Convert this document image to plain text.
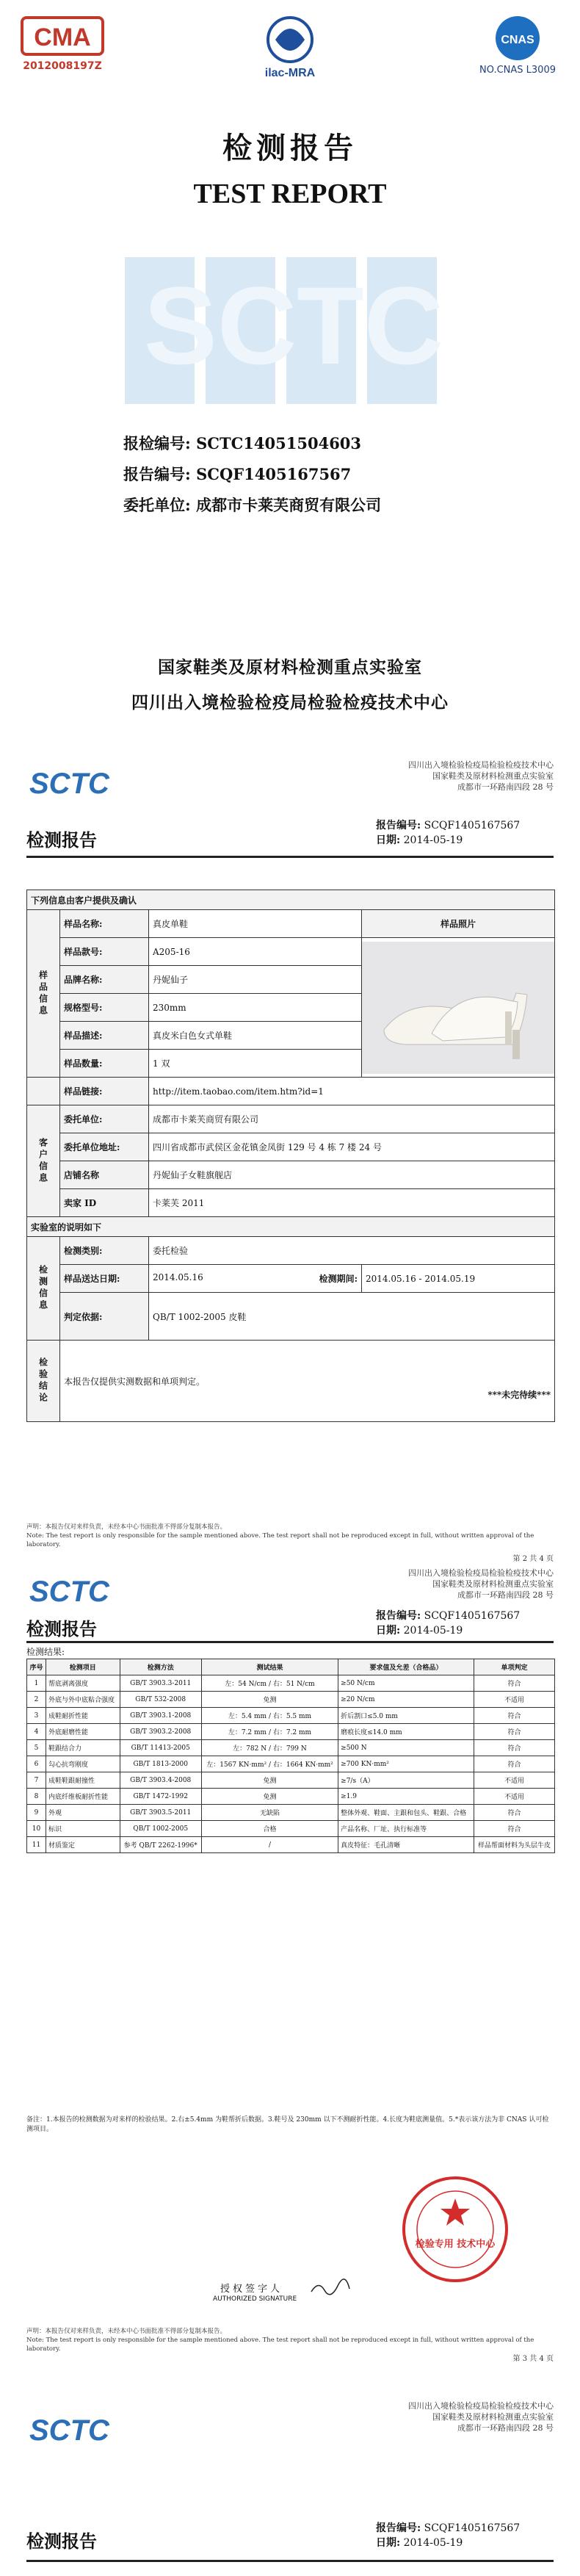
CMA
2012008197Z
ilac-MRA
CNAS
NO.CNAS L3009
检测报告
TEST REPORT
SCTC
报检编号: SCTC14051504603
报告编号: SCQF1405167567
委托单位: 成都市卡莱芙商贸有限公司
国家鞋类及原材料检测重点实验室
四川出入境检验检疫局检验检疫技术中心
SCTC
四川出入境检验检疫局检验检疫技术中心
国家鞋类及原材料检测重点实验室
成都市一环路南四段 28 号
检测报告
报告编号: SCQF1405167567
日期: 2014-05-19
下列信息由客户提供及确认			
样品信息	样品名称:	真皮单鞋	样品照片
	样品款号:	A205-16	

	品牌名称:	丹妮仙子	
	规格型号:	230mm	
	样品描述:	真皮米白色女式单鞋	
	样品数量:	1 双	
	样品链接:	http://item.taobao.com/item.htm?id=1	
客户信息	委托单位:	成都市卡莱芙商贸有限公司	
	委托单位地址:	四川省成都市武侯区金花镇金凤街 129 号 4 栋 7 楼 24 号	
	店铺名称	丹妮仙子女鞋旗舰店	
	卖家 ID	卡莱芙 2011	
实验室的说明如下			
检测信息	检测类别:	委托检验	
	样品送达日期:	2014.05.16 检测期间:	2014.05.16 - 2014.05.19
	判定依据:	QB/T 1002-2005 皮鞋	
检验结论	本报告仅提供实测数据和单项判定。		
***未完待续***
声明：本报告仅对来样负责，未经本中心书面批准不得部分复制本报告。
Note: The test report is only responsible for the sample mentioned above. The test report shall not be reproduced except in full, without written approval of the laboratory.
第 2 共 4 页
SCTC
四川出入境检验检疫局检验检疫技术中心
国家鞋类及原材料检测重点实验室
成都市一环路南四段 28 号
检测报告
报告编号: SCQF1405167567
日期: 2014-05-19
检测结果:
序号	检测项目	检测方法	测试结果	要求值及允差（合格品）	单项判定
1	帮底剥离强度	GB/T 3903.3-2011	左：54 N/cm / 右：51 N/cm	≥50 N/cm	符合
2	外底与外中底粘合强度	GB/T 532-2008	免测	≥20 N/cm	不适用
3	成鞋耐折性能	GB/T 3903.1-2008	左：5.4 mm / 右：5.5 mm	折后割口≤5.0 mm	符合
4	外底耐磨性能	GB/T 3903.2-2008	左：7.2 mm / 右：7.2 mm	磨痕长度≤14.0 mm	符合
5	鞋跟结合力	GB/T 11413-2005	左：782 N / 右：799 N	≥500 N	符合
6	勾心抗弯刚度	GB/T 1813-2000	左：1567 KN·mm² / 右：1664 KN·mm²	≥700 KN·mm²	符合
7	成鞋鞋跟耐撞性	GB/T 3903.4-2008	免测	≥7/s（A）	不适用
8	内底纤维板耐折性能	GB/T 1472-1992	免测	≥1.9	不适用
9	外观	GB/T 3903.5-2011	无缺陷	整体外观、鞋面、主跟和包头、鞋跟、合格	符合
10	标识	QB/T 1002-2005	合格	产品名称、厂址、执行标准等	符合
11	材质鉴定	参考 QB/T 2262-1996*	/	真皮特征：毛孔清晰	样品帮面材料为头层牛皮
备注：1.本报告的检测数据为对来样的检验结果。2.右±5.4mm 为鞋帮折后数据。3.鞋号及 230mm 以下不测耐折性能。4.长度为鞋底测量值。5.*表示该方法为非 CNAS 认可检测项目。
检验专用 技术中心
授权签字人
AUTHORIZED SIGNATURE
声明：本报告仅对来样负责，未经本中心书面批准不得部分复制本报告。
Note: The test report is only responsible for the sample mentioned above. The test report shall not be reproduced except in full, without written approval of the laboratory.
第 3 共 4 页
SCTC
四川出入境检验检疫局检验检疫技术中心
国家鞋类及原材料检测重点实验室
成都市一环路南四段 28 号
检测报告
报告编号: SCQF1405167567
日期: 2014-05-19
